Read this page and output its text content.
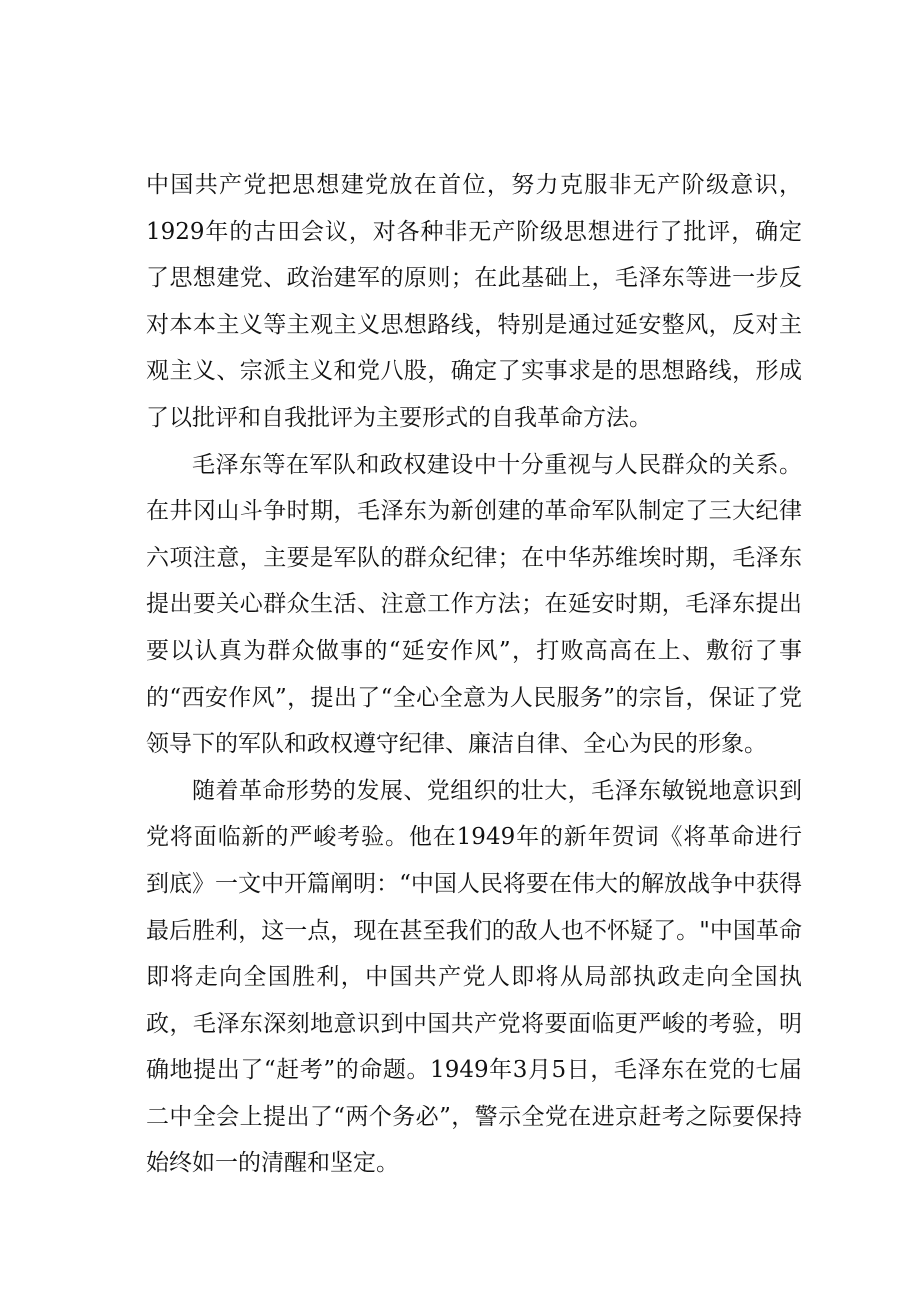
中国共产党把思想建党放在首位，努力克服非无产阶级意识，1929年的古田会议，对各种非无产阶级思想进行了批评，确定了思想建党、政治建军的原则；在此基础上，毛泽东等进一步反对本本主义等主观主义思想路线，特别是通过延安整风，反对主观主义、宗派主义和党八股，确定了实事求是的思想路线，形成了以批评和自我批评为主要形式的自我革命方法。

毛泽东等在军队和政权建设中十分重视与人民群众的关系。在井冈山斗争时期，毛泽东为新创建的革命军队制定了三大纪律六项注意，主要是军队的群众纪律；在中华苏维埃时期，毛泽东提出要关心群众生活、注意工作方法；在延安时期，毛泽东提出要以认真为群众做事的“延安作风”，打败高高在上、敷衍了事的“西安作风”，提出了“全心全意为人民服务”的宗旨，保证了党领导下的军队和政权遵守纪律、廉洁自律、全心为民的形象。

随着革命形势的发展、党组织的壮大，毛泽东敏锐地意识到党将面临新的严峻考验。他在1949年的新年贺词《将革命进行到底》一文中开篇阐明：“中国人民将要在伟大的解放战争中获得最后胜利，这一点，现在甚至我们的敌人也不怀疑了。"中国革命即将走向全国胜利，中国共产党人即将从局部执政走向全国执政，毛泽东深刻地意识到中国共产党将要面临更严峻的考验，明确地提出了“赶考”的命题。1949年3月5日，毛泽东在党的七届二中全会上提出了“两个务必”，警示全党在进京赶考之际要保持始终如一的清醒和坚定。
